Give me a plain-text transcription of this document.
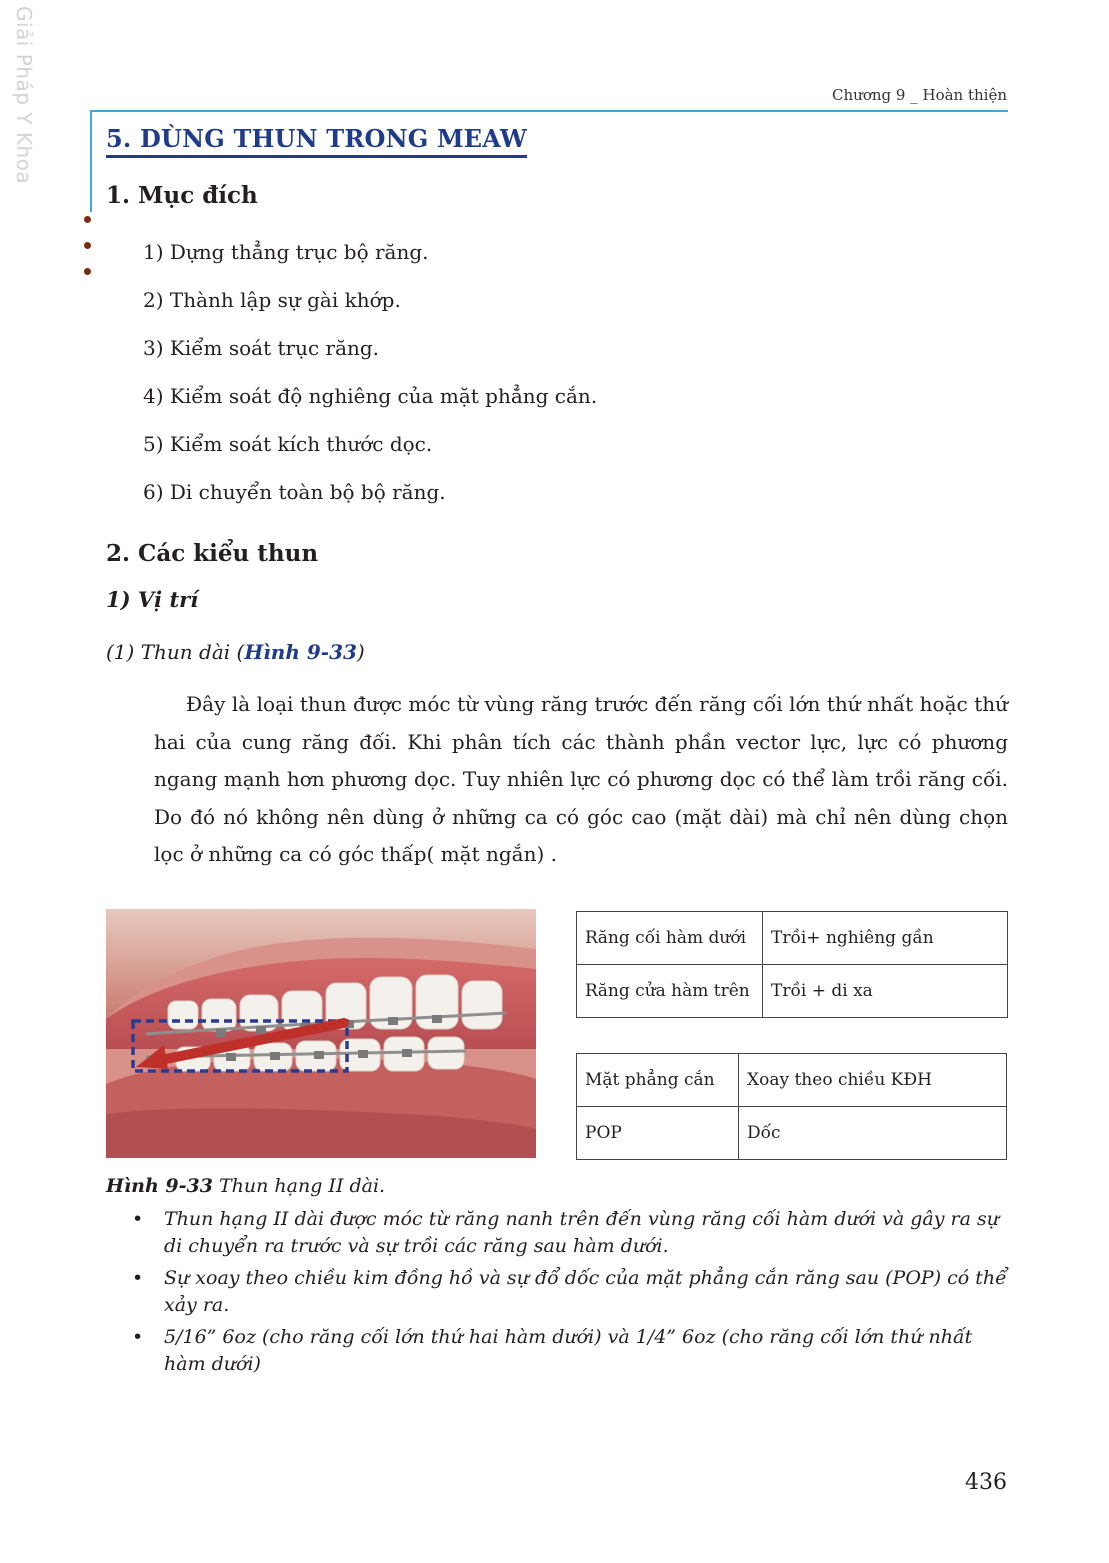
Giải Pháp Y Khoa	Chương 9 _ Hoàn thiện
5. DÙNG THUN TRONG MEAW
1. Mục đích
1) Dựng thẳng trục bộ răng.
2) Thành lập sự gài khớp.
3) Kiểm soát trục răng.
4) Kiểm soát độ nghiêng của mặt phẳng cắn.
5) Kiểm soát kích thước dọc.
6) Di chuyển toàn bộ bộ răng.
2. Các kiểu thun
1) Vị trí
(1) Thun dài (Hình 9-33)

Đây là loại thun được móc từ vùng răng trước đến răng cối lớn thứ nhất hoặc thứ hai của cung răng đối. Khi phân tích các thành phần vector lực, lực có phương ngang mạnh hơn phương dọc. Tuy nhiên lực có phương dọc có thể làm trồi răng cối. Do đó nó không nên dùng ở những ca có góc cao (mặt dài) mà chỉ nên dùng chọn lọc ở những ca có góc thấp( mặt ngắn) .

Răng cối hàm dưới	Trồi+ nghiêng gần
Răng cửa hàm trên	Trồi + di xa
Mặt phẳng cắn	Xoay theo chiều KĐH
POP	Dốc
Hình 9-33 Thun hạng II dài.
• Thun hạng II dài được móc từ răng nanh trên đến vùng răng cối hàm dưới và gây ra sự di chuyển ra trước và sự trồi các răng sau hàm dưới.
• Sự xoay theo chiều kim đồng hồ và sự đổ dốc của mặt phẳng cắn răng sau (POP) có thể xảy ra.
• 5/16” 6oz (cho răng cối lớn thứ hai hàm dưới) và 1/4” 6oz (cho răng cối lớn thứ nhất hàm dưới)
436
